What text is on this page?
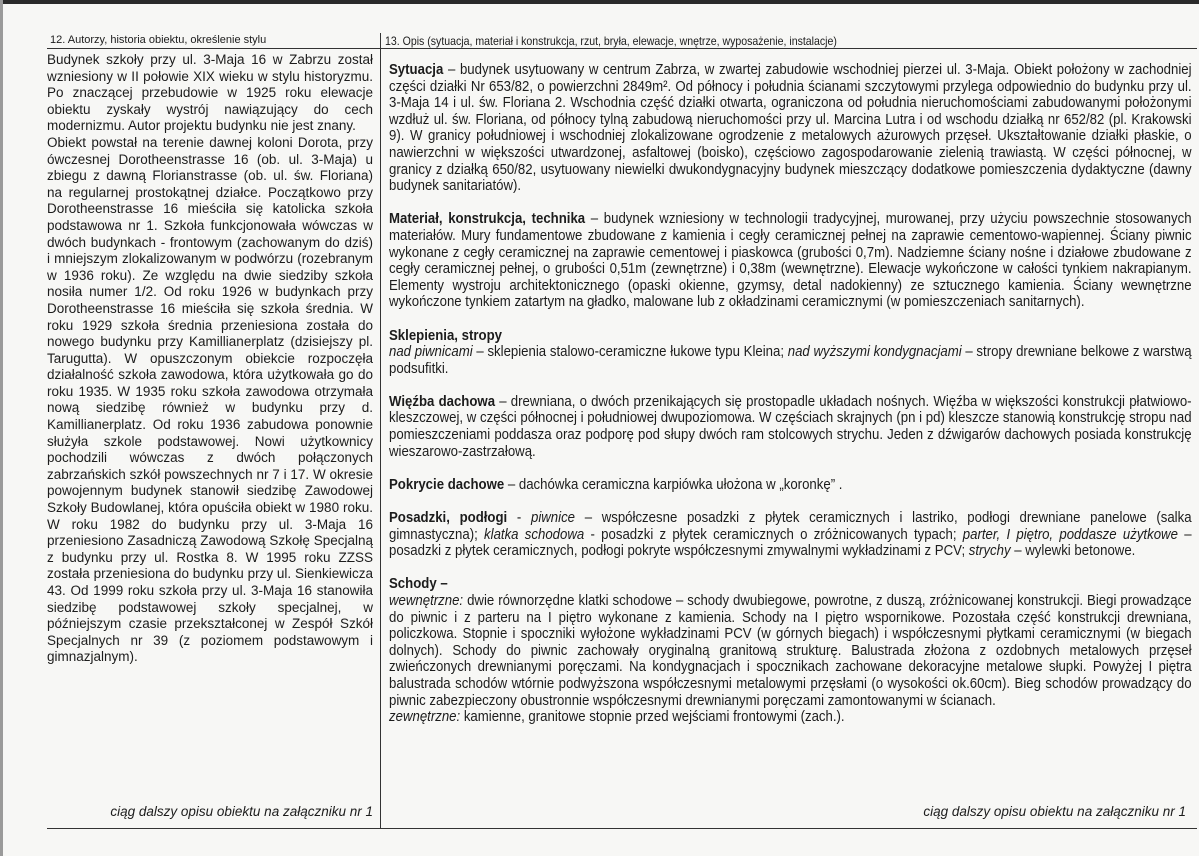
12. Autorzy, historia obiektu, określenie stylu	13. Opis (sytuacja, materiał i konstrukcja, rzut, bryła, elewacje, wnętrze, wyposażenie, instalacje)

Budynek szkoły przy ul. 3-Maja 16 w Zabrzu został wzniesiony w II połowie XIX wieku w stylu historyzmu. Po znaczącej przebudowie w 1925 roku elewacje obiektu zyskały wystrój nawiązujący do cech modernizmu. Autor projektu budynku nie jest znany.

Obiekt powstał na terenie dawnej koloni Dorota, przy ówczesnej Dorotheenstrasse 16 (ob. ul. 3-Maja) u zbiegu z dawną Florianstrasse (ob. ul. św. Floriana) na regularnej prostokątnej działce. Początkowo przy Dorotheenstrasse 16 mieściła się katolicka szkoła podstawowa nr 1. Szkoła funkcjonowała wówczas w dwóch budynkach - frontowym (zachowanym do dziś) i mniejszym zlokalizowanym w podwórzu (rozebranym w 1936 roku). Ze względu na dwie siedziby szkoła nosiła numer 1/2. Od roku 1926 w budynkach przy Dorotheenstrasse 16 mieściła się szkoła średnia. W roku 1929 szkoła średnia przeniesiona została do nowego budynku przy Kamillianerplatz (dzisiejszy pl. Tarugutta). W opuszczonym obiekcie rozpoczęła działalność szkoła zawodowa, która użytkowała go do roku 1935. W 1935 roku szkoła zawodowa otrzymała nową siedzibę również w budynku przy d. Kamillianerplatz. Od roku 1936 zabudowa ponownie służyła szkole podstawowej. Nowi użytkownicy pochodzili wówczas z dwóch połączonych zabrzańskich szkół powszechnych nr 7 i 17. W okresie powojennym budynek stanowił siedzibę Zawodowej Szkoły Budowlanej, która opuściła obiekt w 1980 roku. W roku 1982 do budynku przy ul. 3-Maja 16 przeniesiono Zasadniczą Zawodową Szkołę Specjalną z budynku przy ul. Rostka 8. W 1995 roku ZZSS została przeniesiona do budynku przy ul. Sienkiewicza 43. Od 1999 roku szkoła przy ul. 3-Maja 16 stanowiła siedzibę podstawowej szkoły specjalnej, w późniejszym czasie przekształconej w Zespół Szkół Specjalnych nr 39 (z poziomem podstawowym i gimnazjalnym).

Sytuacja – budynek usytuowany w centrum Zabrza, w zwartej zabudowie wschodniej pierzei ul. 3-Maja. Obiekt położony w zachodniej części działki Nr 653/82, o powierzchni 2849m². Od północy i południa ścianami szczytowymi przylega odpowiednio do budynku przy ul. 3-Maja 14 i ul. św. Floriana 2. Wschodnia część działki otwarta, ograniczona od południa nieruchomościami zabudowanymi położonymi wzdłuż ul. św. Floriana, od północy tylną zabudową nieruchomości przy ul. Marcina Lutra i od wschodu działką nr 652/82 (pl. Krakowski 9). W granicy południowej i wschodniej zlokalizowane ogrodzenie z metalowych ażurowych przęseł. Ukształtowanie działki płaskie, o nawierzchni w większości utwardzonej, asfaltowej (boisko), częściowo zagospodarowanie zielenią trawiastą. W części północnej, w granicy z działką 650/82, usytuowany niewielki dwukondygnacyjny budynek mieszczący dodatkowe pomieszczenia dydaktyczne (dawny budynek sanitariatów).

Materiał, konstrukcja, technika – budynek wzniesiony w technologii tradycyjnej, murowanej, przy użyciu powszechnie stosowanych materiałów. Mury fundamentowe zbudowane z kamienia i cegły ceramicznej pełnej na zaprawie cementowo-wapiennej. Ściany piwnic wykonane z cegły ceramicznej na zaprawie cementowej i piaskowca (grubości 0,7m). Nadziemne ściany nośne i działowe zbudowane z cegły ceramicznej pełnej, o grubości 0,51m (zewnętrzne) i 0,38m (wewnętrzne). Elewacje wykończone w całości tynkiem nakrapianym. Elementy wystroju architektonicznego (opaski okienne, gzymsy, detal nadokienny) ze sztucznego kamienia. Ściany wewnętrzne wykończone tynkiem zatartym na gładko, malowane lub z okładzinami ceramicznymi (w pomieszczeniach sanitarnych).

Sklepienia, stropy

nad piwnicami – sklepienia stalowo-ceramiczne łukowe typu Kleina; nad wyższymi kondygnacjami – stropy drewniane belkowe z warstwą podsufitki.

Więźba dachowa – drewniana, o dwóch przenikających się prostopadle układach nośnych. Więźba w większości konstrukcji płatwiowo-kleszczowej, w części północnej i południowej dwupoziomowa. W częściach skrajnych (pn i pd) kleszcze stanowią konstrukcję stropu nad pomieszczeniami poddasza oraz podporę pod słupy dwóch ram stolcowych strychu. Jeden z dźwigarów dachowych posiada konstrukcję wieszarowo-zastrzałową.

Pokrycie dachowe – dachówka ceramiczna karpiówka ułożona w „koronkę” .

Posadzki, podłogi - piwnice – współczesne posadzki z płytek ceramicznych i lastriko, podłogi drewniane panelowe (salka gimnastyczna); klatka schodowa - posadzki z płytek ceramicznych o zróżnicowanych typach; parter, I piętro, poddasze użytkowe – posadzki z płytek ceramicznych, podłogi pokryte współczesnymi zmywalnymi wykładzinami z PCV; strychy – wylewki betonowe.

Schody –

wewnętrzne: dwie równorzędne klatki schodowe – schody dwubiegowe, powrotne, z duszą, zróżnicowanej konstrukcji. Biegi prowadzące do piwnic i z parteru na I piętro wykonane z kamienia. Schody na I piętro wspornikowe. Pozostała część konstrukcji drewniana, policzkowa. Stopnie i spoczniki wyłożone wykładzinami PCV (w górnych biegach) i współczesnymi płytkami ceramicznymi (w biegach dolnych). Schody do piwnic zachowały oryginalną granitową strukturę. Balustrada złożona z ozdobnych metalowych przęseł zwieńczonych drewnianymi poręczami. Na kondygnacjach i spocznikach zachowane dekoracyjne metalowe słupki. Powyżej I piętra balustrada schodów wtórnie podwyższona współczesnymi metalowymi przęsłami (o wysokości ok.60cm). Bieg schodów prowadzący do piwnic zabezpieczony obustronnie współczesnymi drewnianymi poręczami zamontowanymi w ścianach.

zewnętrzne: kamienne, granitowe stopnie przed wejściami frontowymi (zach.).

ciąg dalszy opisu obiektu na załączniku nr 1	ciąg dalszy opisu obiektu na załączniku nr 1
